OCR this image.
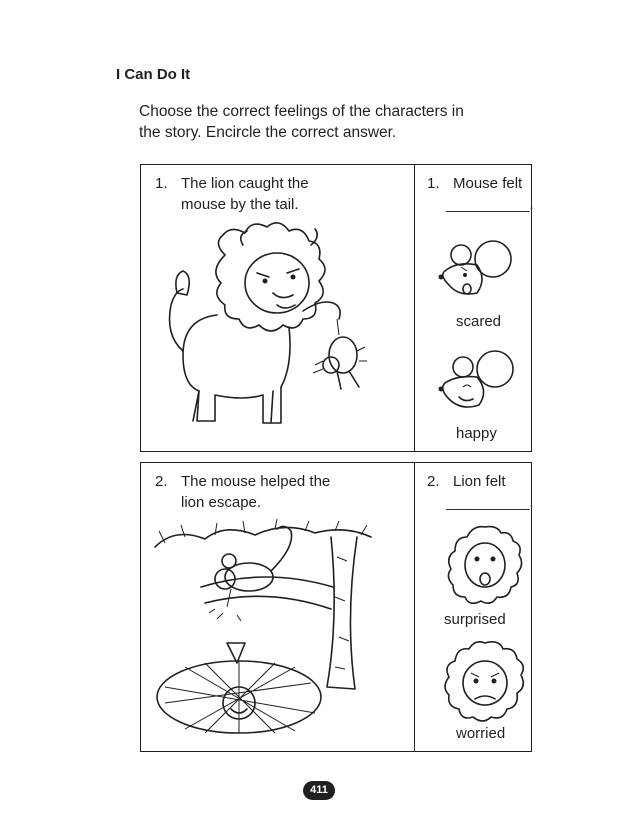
I Can Do It
Choose the correct feelings of the characters in
the story. Encircle the correct answer.
1. The lion caught the
mouse by the tail.
1. Mouse felt
__________.
scared
happy
2. The mouse helped the
lion escape.
2. Lion felt
__________.
surprised
worried
411
